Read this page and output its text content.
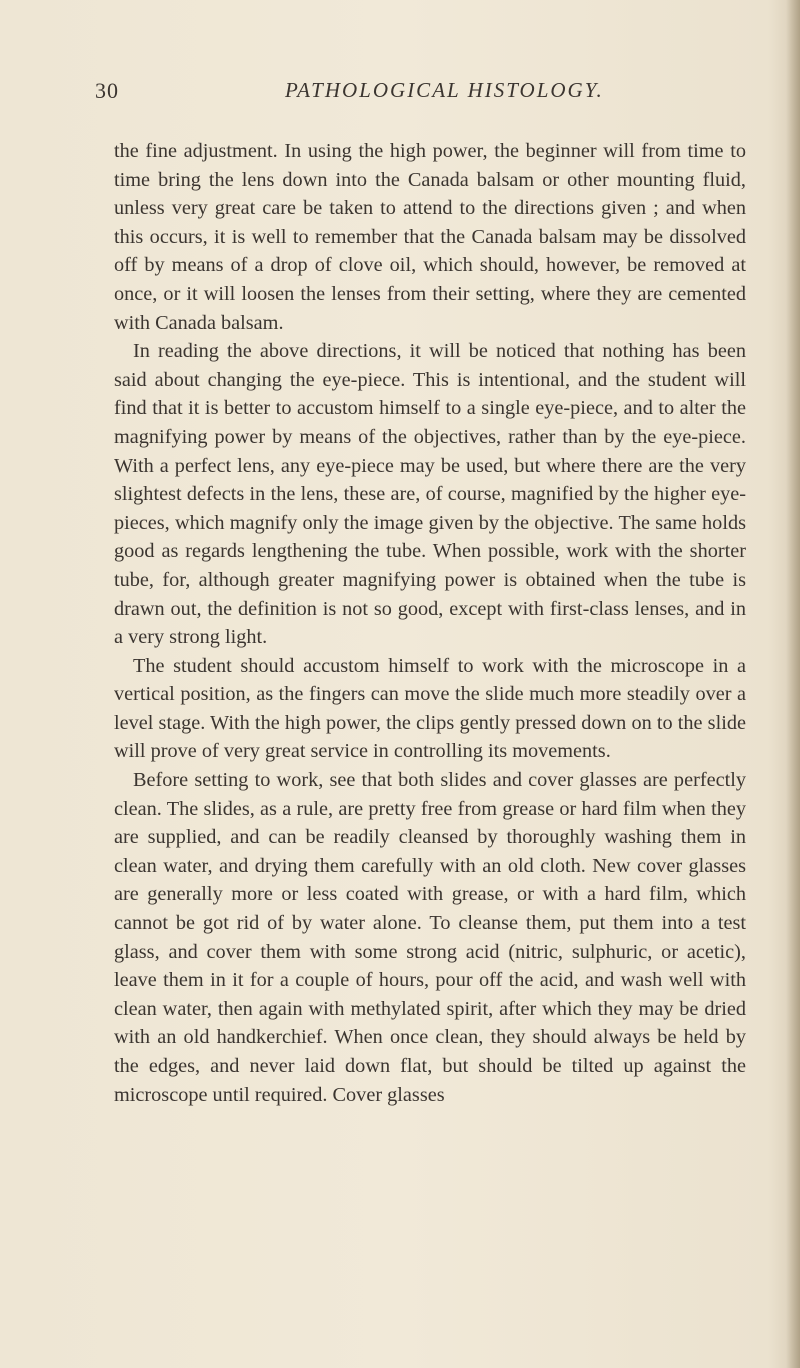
30	PATHOLOGICAL HISTOLOGY.

the fine adjustment. In using the high power, the beginner will from time to time bring the lens down into the Canada balsam or other mounting fluid, unless very great care be taken to attend to the directions given ; and when this occurs, it is well to remember that the Canada balsam may be dissolved off by means of a drop of clove oil, which should, however, be removed at once, or it will loosen the lenses from their setting, where they are cemented with Canada balsam.

In reading the above directions, it will be noticed that nothing has been said about changing the eye-piece. This is intentional, and the student will find that it is better to accustom himself to a single eye-piece, and to alter the magnifying power by means of the objectives, rather than by the eye-piece. With a perfect lens, any eye-piece may be used, but where there are the very slightest defects in the lens, these are, of course, magnified by the higher eye-pieces, which magnify only the image given by the objective. The same holds good as regards lengthening the tube. When possible, work with the shorter tube, for, although greater magnifying power is obtained when the tube is drawn out, the definition is not so good, except with first-class lenses, and in a very strong light.

The student should accustom himself to work with the microscope in a vertical position, as the fingers can move the slide much more steadily over a level stage. With the high power, the clips gently pressed down on to the slide will prove of very great service in controlling its movements.

Before setting to work, see that both slides and cover glasses are perfectly clean. The slides, as a rule, are pretty free from grease or hard film when they are supplied, and can be readily cleansed by thoroughly washing them in clean water, and drying them carefully with an old cloth. New cover glasses are generally more or less coated with grease, or with a hard film, which cannot be got rid of by water alone. To cleanse them, put them into a test glass, and cover them with some strong acid (nitric, sulphuric, or acetic), leave them in it for a couple of hours, pour off the acid, and wash well with clean water, then again with methylated spirit, after which they may be dried with an old handkerchief. When once clean, they should always be held by the edges, and never laid down flat, but should be tilted up against the microscope until required. Cover glasses
